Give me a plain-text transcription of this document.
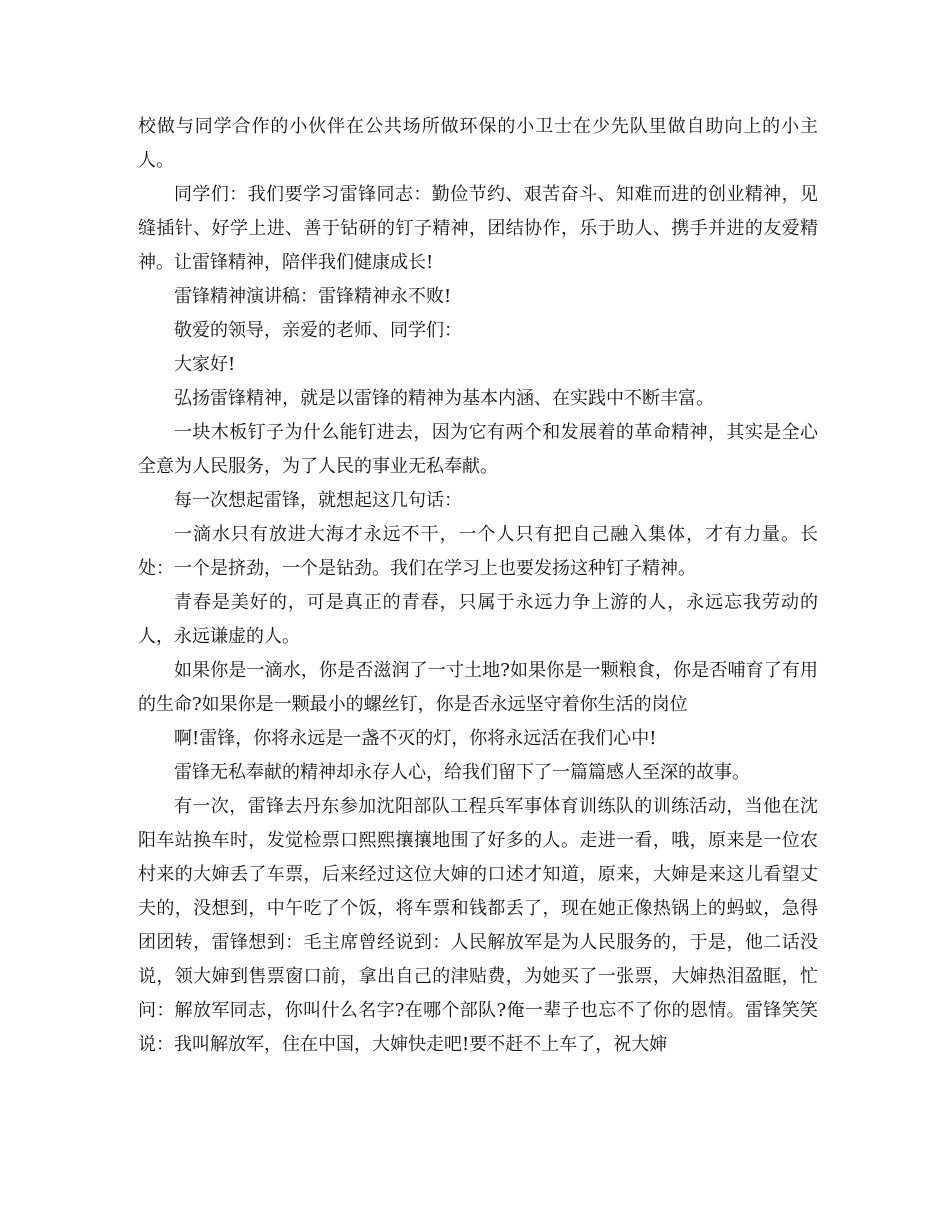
校做与同学合作的小伙伴在公共场所做环保的小卫士在少先队里做自助向上的小主人。

同学们：我们要学习雷锋同志：勤俭节约、艰苦奋斗、知难而进的创业精神，见缝插针、好学上进、善于钻研的钉子精神，团结协作，乐于助人、携手并进的友爱精神。让雷锋精神，陪伴我们健康成长!

雷锋精神演讲稿：雷锋精神永不败!

敬爱的领导，亲爱的老师、同学们：

大家好!

弘扬雷锋精神，就是以雷锋的精神为基本内涵、在实践中不断丰富。

一块木板钉子为什么能钉进去，因为它有两个和发展着的革命精神，其实是全心全意为人民服务，为了人民的事业无私奉献。

每一次想起雷锋，就想起这几句话：

一滴水只有放进大海才永远不干，一个人只有把自己融入集体，才有力量。长处：一个是挤劲，一个是钻劲。我们在学习上也要发扬这种钉子精神。

青春是美好的，可是真正的青春，只属于永远力争上游的人，永远忘我劳动的人，永远谦虚的人。

如果你是一滴水，你是否滋润了一寸土地?如果你是一颗粮食，你是否哺育了有用的生命?如果你是一颗最小的螺丝钉，你是否永远坚守着你生活的岗位

啊!雷锋，你将永远是一盏不灭的灯，你将永远活在我们心中!

雷锋无私奉献的精神却永存人心，给我们留下了一篇篇感人至深的故事。

有一次，雷锋去丹东参加沈阳部队工程兵军事体育训练队的训练活动，当他在沈阳车站换车时，发觉检票口熙熙攘攘地围了好多的人。走进一看，哦，原来是一位农村来的大婶丢了车票，后来经过这位大婶的口述才知道，原来，大婶是来这儿看望丈夫的，没想到，中午吃了个饭，将车票和钱都丢了，现在她正像热锅上的蚂蚁，急得团团转，雷锋想到：毛主席曾经说到：人民解放军是为人民服务的，于是，他二话没说，领大婶到售票窗口前，拿出自己的津贴费，为她买了一张票，大婶热泪盈眶，忙问：解放军同志，你叫什么名字?在哪个部队?俺一辈子也忘不了你的恩情。雷锋笑笑说：我叫解放军，住在中国，大婶快走吧!要不赶不上车了，祝大婶
